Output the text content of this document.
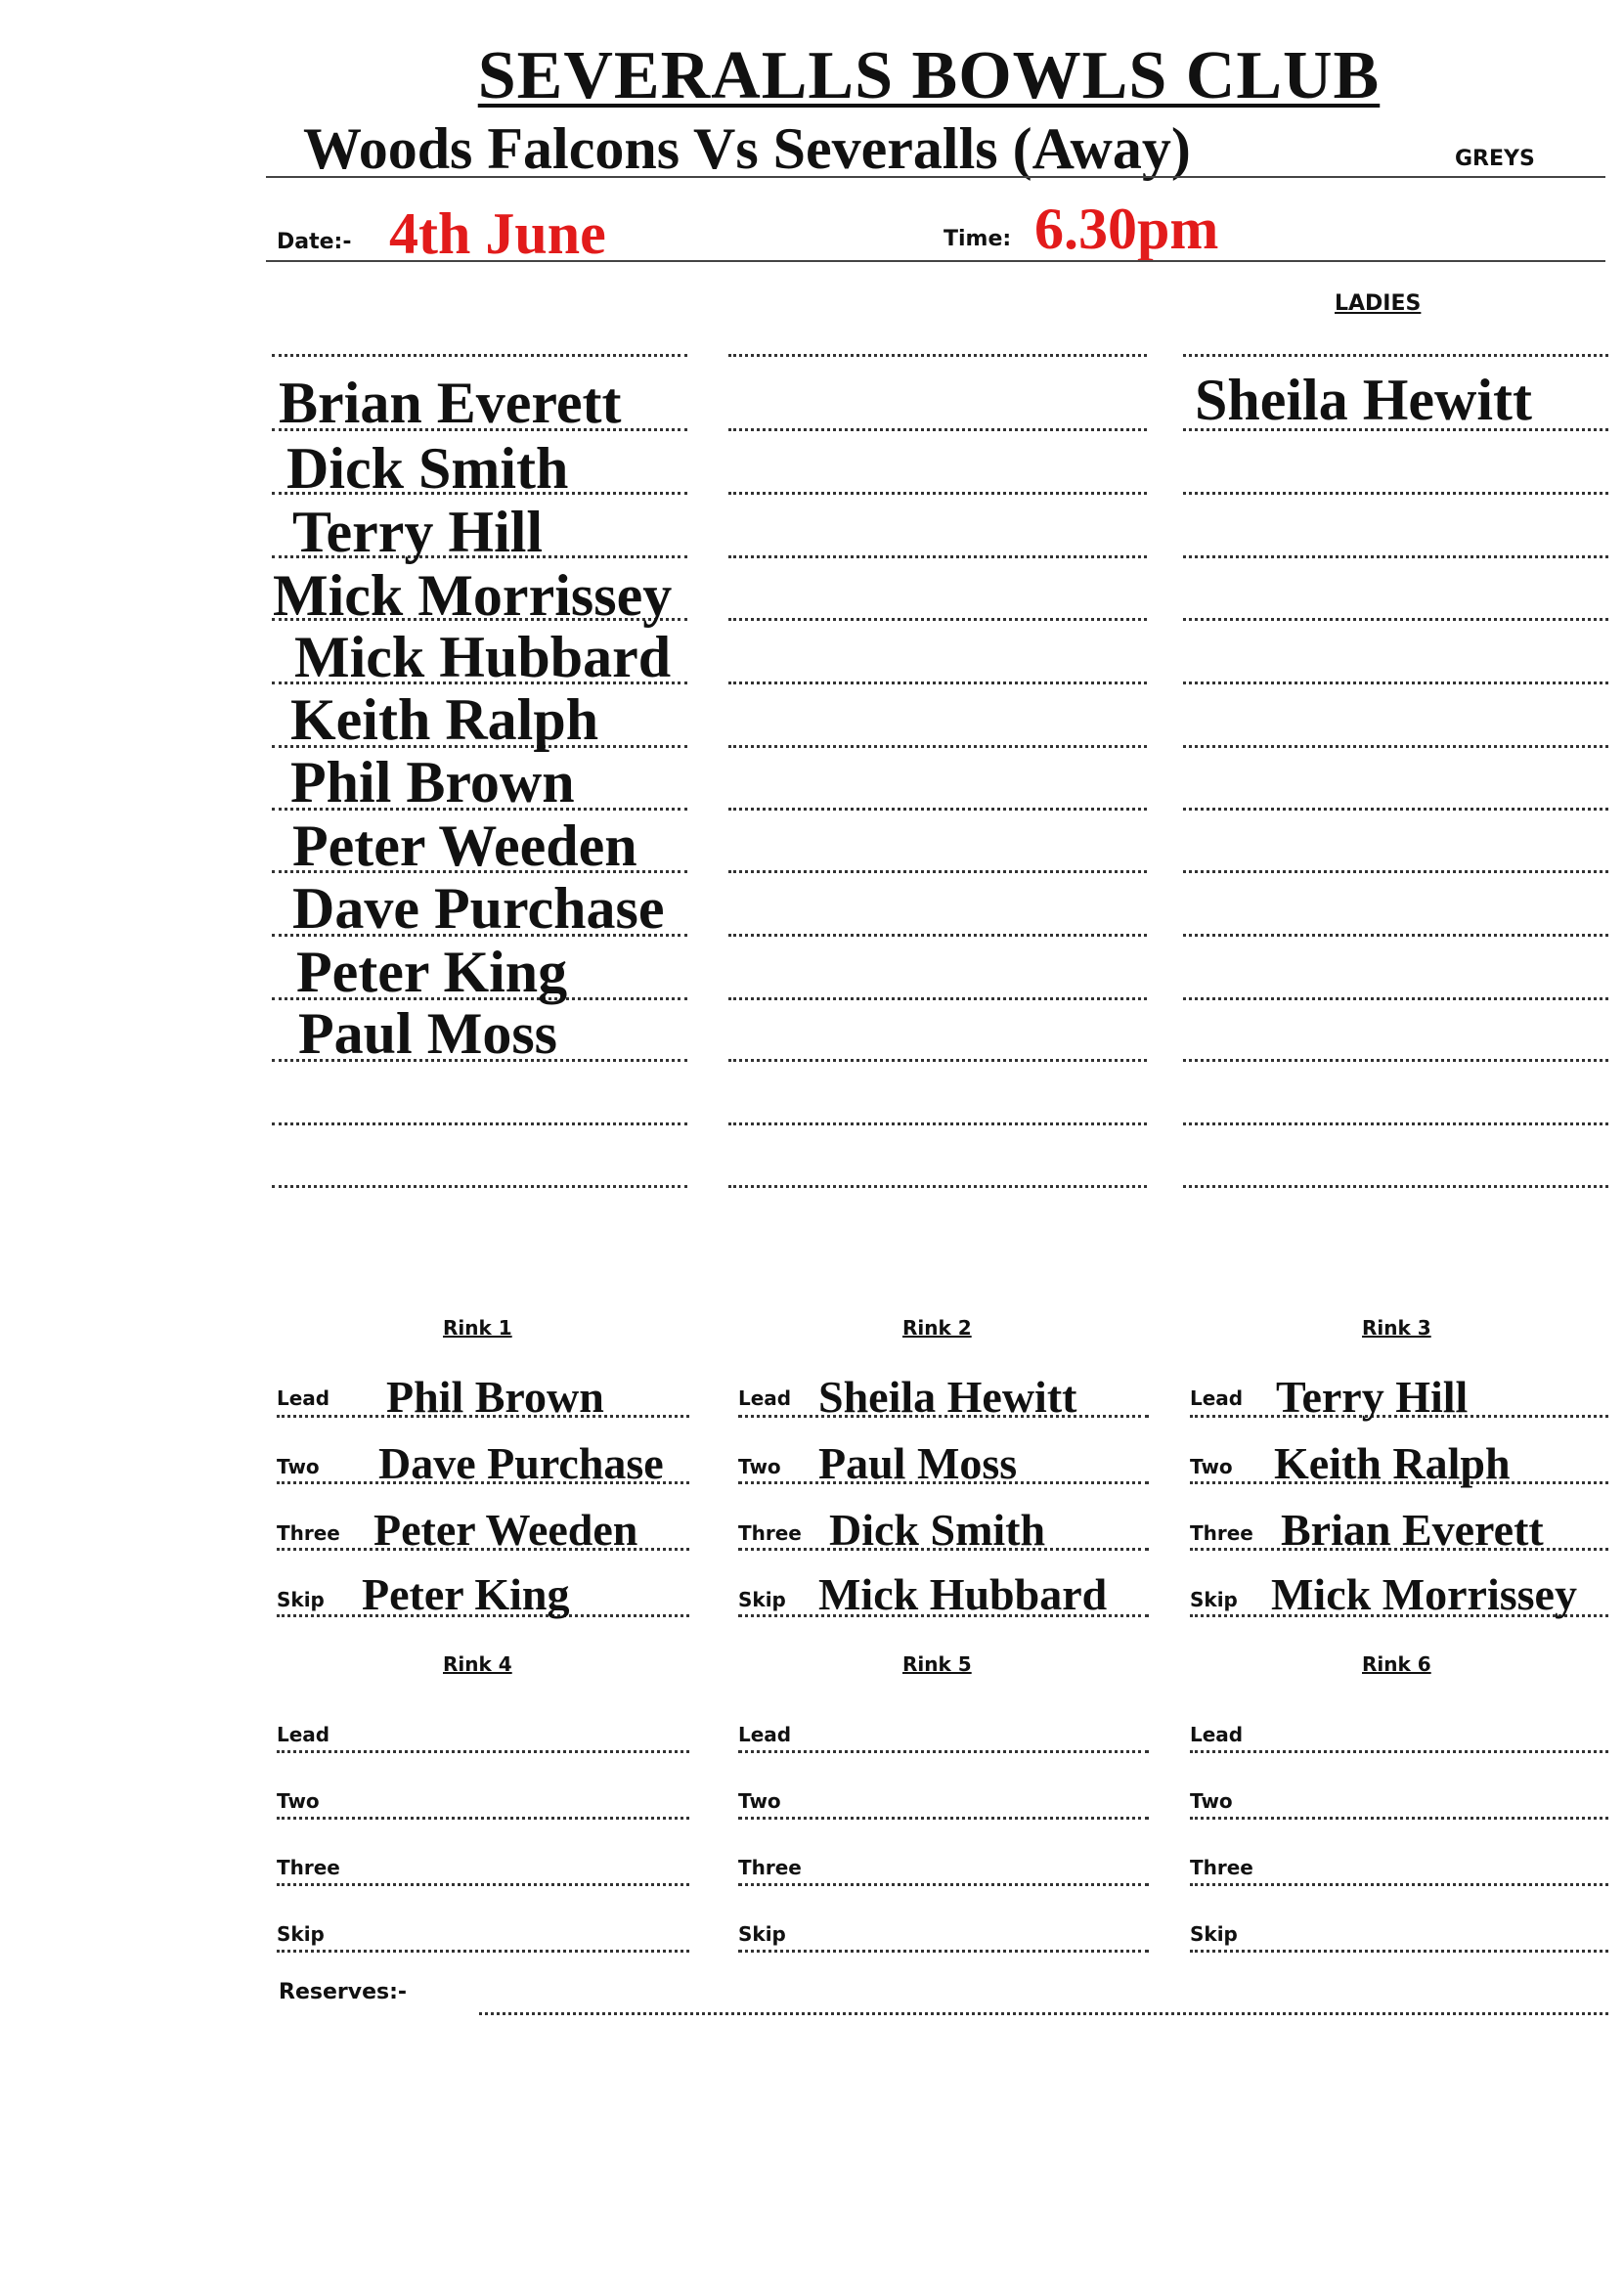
SEVERALLS BOWLS CLUB
Woods Falcons Vs Severalls (Away)	GREYS
Date:- 4th June	Time: 6.30pm
LADIES
Brian Everett
Dick Smith
Terry Hill
Mick Morrissey
Mick Hubbard
Keith Ralph
Phil Brown
Peter Weeden
Dave Purchase
Peter King
Paul Moss
Sheila Hewitt
Rink 1
Lead Phil Brown
Two Dave Purchase
Three Peter Weeden
Skip Peter King
Rink 2
Lead Sheila Hewitt
Two Paul Moss
Three Dick Smith
Skip Mick Hubbard
Rink 3
Lead Terry Hill
Two Keith Ralph
Three Brian Everett
Skip Mick Morrissey
Rink 4
Lead
Two
Three
Skip
Rink 5
Lead
Two
Three
Skip
Rink 6
Lead
Two
Three
Skip
Reserves:-
